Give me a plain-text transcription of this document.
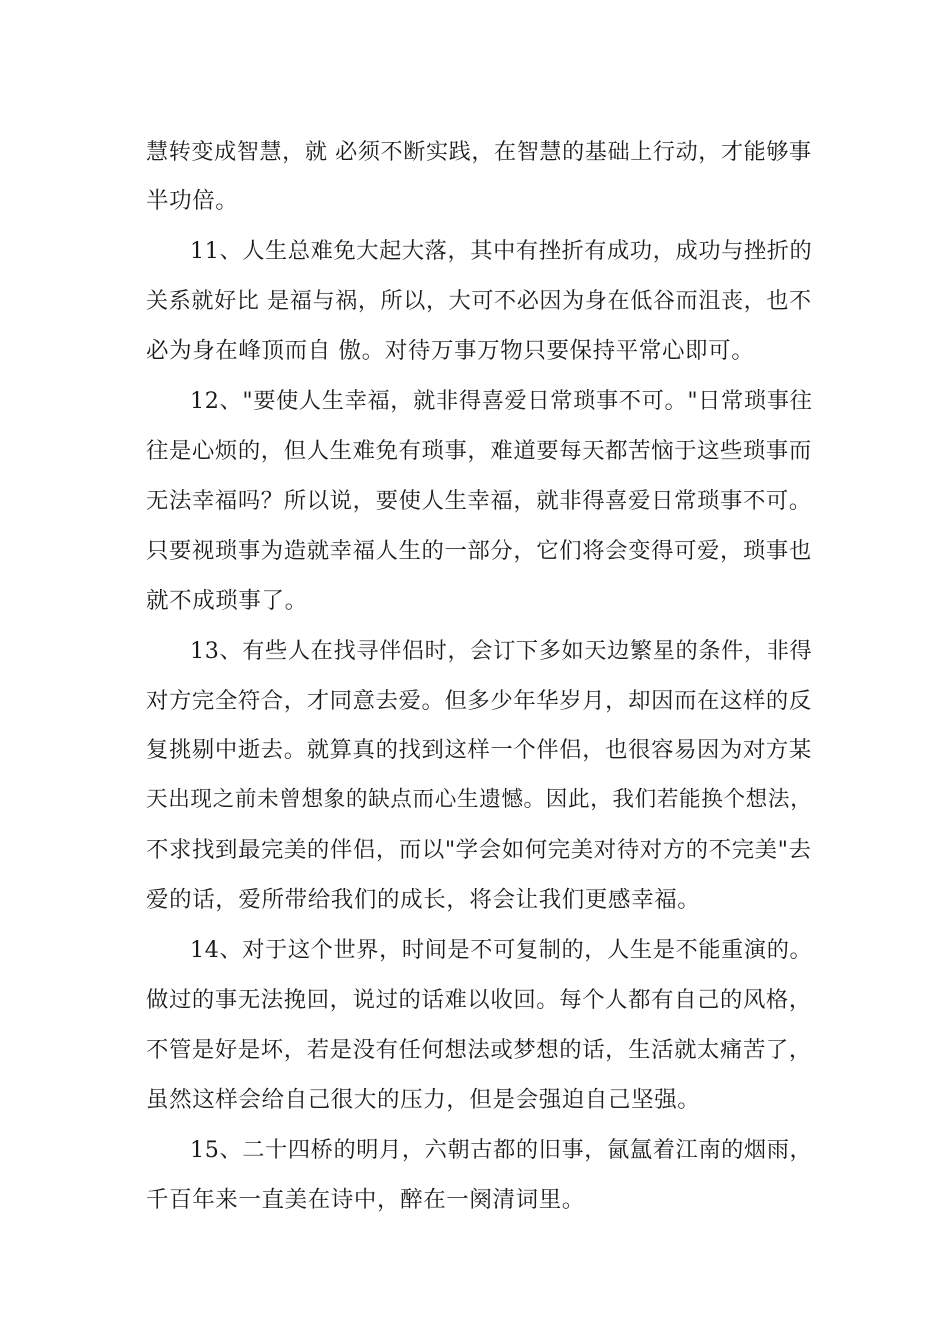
慧转变成智慧，就 必须不断实践，在智慧的基础上行动，才能够事
半功倍。
11、人生总难免大起大落，其中有挫折有成功，成功与挫折的
关系就好比 是福与祸，所以，大可不必因为身在低谷而沮丧，也不
必为身在峰顶而自 傲。对待万事万物只要保持平常心即可。
12、"要使人生幸福，就非得喜爱日常琐事不可。"日常琐事往
往是心烦的，但人生难免有琐事，难道要每天都苦恼于这些琐事而
无法幸福吗？所以说，要使人生幸福，就非得喜爱日常琐事不可。
只要视琐事为造就幸福人生的一部分，它们将会变得可爱，琐事也
就不成琐事了。
13、有些人在找寻伴侣时，会订下多如天边繁星的条件，非得
对方完全符合，才同意去爱。但多少年华岁月，却因而在这样的反
复挑剔中逝去。就算真的找到这样一个伴侣，也很容易因为对方某
天出现之前未曾想象的缺点而心生遗憾。因此，我们若能换个想法，
不求找到最完美的伴侣，而以"学会如何完美对待对方的不完美"去
爱的话，爱所带给我们的成长，将会让我们更感幸福。
14、对于这个世界，时间是不可复制的，人生是不能重演的。
做过的事无法挽回，说过的话难以收回。每个人都有自己的风格，
不管是好是坏，若是没有任何想法或梦想的话，生活就太痛苦了，
虽然这样会给自己很大的压力，但是会强迫自己坚强。
15、二十四桥的明月，六朝古都的旧事，氤氲着江南的烟雨，
千百年来一直美在诗中，醉在一阕清词里。
